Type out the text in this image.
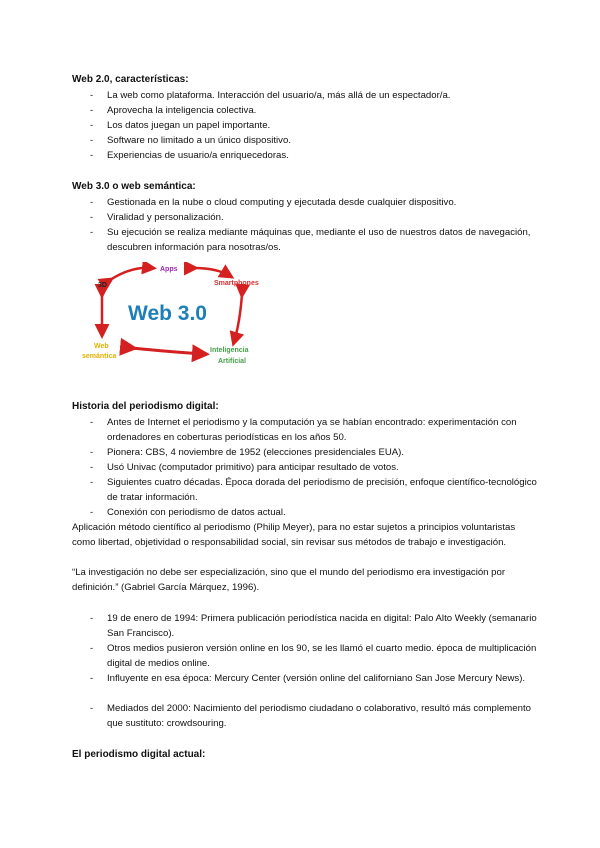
Web 2.0, características:
- La web como plataforma. Interacción del usuario/a, más allá de un espectador/a.
- Aprovecha la inteligencia colectiva.
- Los datos juegan un papel importante.
- Software no limitado a un único dispositivo.
- Experiencias de usuario/a enriquecedoras.
Web 3.0 o web semántica:
- Gestionada en la nube o cloud computing y ejecutada desde cualquier dispositivo.
- Viralidad y personalización.
- Su ejecución se realiza mediante máquinas que, mediante el uso de nuestros datos de navegación, descubren información para nosotras/os.
Web 3.0
Apps
3D	Smartphones
Web
semántica
Inteligencia
Artificial
Historia del periodismo digital:
- Antes de Internet el periodismo y la computación ya se habían encontrado: experimentación con ordenadores en coberturas periodísticas en los años 50.
- Pionera: CBS, 4 noviembre de 1952 (elecciones presidenciales EUA).
- Usó Univac (computador primitivo) para anticipar resultado de votos.
- Siguientes cuatro décadas. Época dorada del periodismo de precisión, enfoque científico-tecnológico de tratar información.
- Conexión con periodismo de datos actual.
Aplicación método científico al periodismo (Philip Meyer), para no estar sujetos a principios voluntaristas como libertad, objetividad o responsabilidad social, sin revisar sus métodos de trabajo e investigación.
“La investigación no debe ser especialización, sino que el mundo del periodismo era investigación por definición.” (Gabriel García Márquez, 1996).
- 19 de enero de 1994: Primera publicación periodística nacida en digital: Palo Alto Weekly (semanario San Francisco).
- Otros medios pusieron versión online en los 90, se les llamó el cuarto medio. época de multiplicación digital de medios online.
- Influyente en esa época: Mercury Center (versión online del californiano San Jose Mercury News).
- Mediados del 2000: Nacimiento del periodismo ciudadano o colaborativo, resultó más complemento que sustituto: crowdsouring.
El periodismo digital actual:
